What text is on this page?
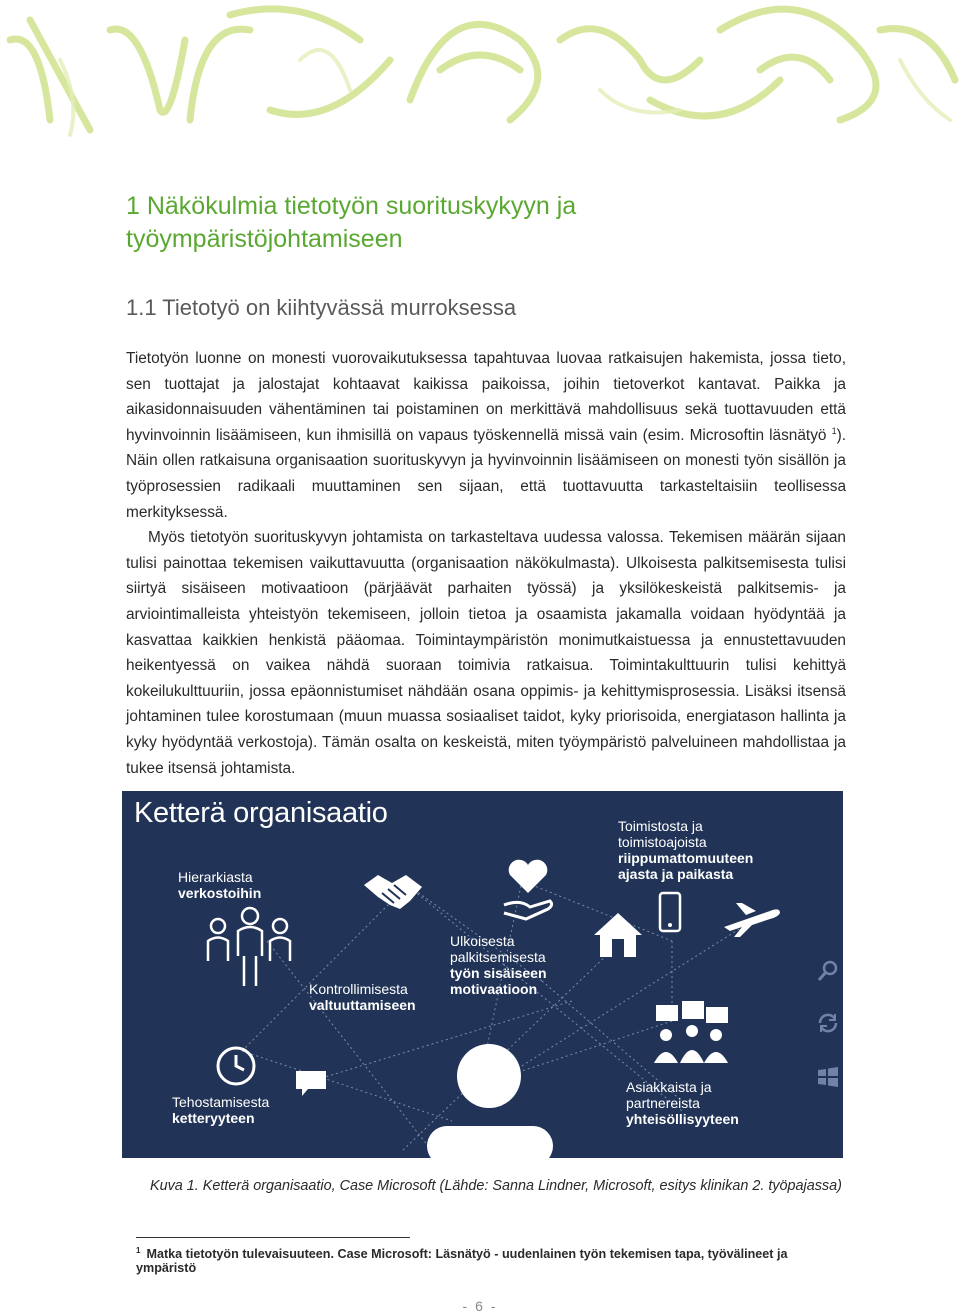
1 Näkökulmia tietotyön suorituskykyyn ja työympäristöjohtamiseen
1.1 Tietotyö on kiihtyvässä murroksessa

Tietotyön luonne on monesti vuorovaikutuksessa tapahtuvaa luovaa ratkaisujen hakemista, jossa tieto, sen tuottajat ja jalostajat kohtaavat kaikissa paikoissa, joihin tietoverkot kantavat. Paikka ja aikasidonnaisuuden vähentäminen tai poistaminen on merkittävä mahdollisuus sekä tuottavuuden että hyvinvoinnin lisäämiseen, kun ihmisillä on vapaus työskennellä missä vain (esim. Microsoftin läsnätyö $^1$). Näin ollen ratkaisuna organisaation suorituskyvyn ja hyvinvoinnin lisäämiseen on monesti työn sisällön ja työprosessien radikaali muuttaminen sen sijaan, että tuottavuutta tarkasteltaisiin teollisessa merkityksessä.

Myös tietotyön suorituskyvyn johtamista on tarkasteltava uudessa valossa. Tekemisen määrän sijaan tulisi painottaa tekemisen vaikuttavuutta (organisaation näkökulmasta). Ulkoisesta palkitsemisesta tulisi siirtyä sisäiseen motivaatioon (pärjäävät parhaiten työssä) ja yksilökeskeistä palkitsemis- ja arviointimalleista yhteistyön tekemiseen, jolloin tietoa ja osaamista jakamalla voidaan hyödyntää ja kasvattaa kaikkien henkistä pääomaa. Toimintaympäristön monimutkaistuessa ja ennustettavuuden heikentyessä on vaikea nähdä suoraan toimivia ratkaisua. Toimintakulttuurin tulisi kehittyä kokeilukulttuuriin, jossa epäonnistumiset nähdään osana oppimis- ja kehittymisprosessia. Lisäksi itsensä johtaminen tulee korostumaan (muun muassa sosiaaliset taidot, kyky priorisoida, energiatason hallinta ja kyky hyödyntää verkostoja). Tämän osalta on keskeistä, miten työympäristö palveluineen mahdollistaa ja tukee itsensä johtamista.

Ketterä organisaatio
Hierarkiasta
verkostoihin
Toimistosta ja
toimistoajoista
riippumattomuuteen
ajasta ja paikasta
Ulkoisesta
palkitsemisesta
työn sisäiseen
motivaatioon
Kontrollimisesta
valtuuttamiseen
Tehostamisesta
ketteryyteen
Asiakkaista ja
partnereista
yhteisöllisyyteen
Kuva 1. Ketterä organisaatio, Case Microsoft (Lähde: Sanna Lindner, Microsoft, esitys klinikan 2. työpajassa)
$^1$ Matka tietotyön tulevaisuuteen. Case Microsoft: Läsnätyö - uudenlainen työn tekemisen tapa, työvälineet ja ympäristö
- 6 -
